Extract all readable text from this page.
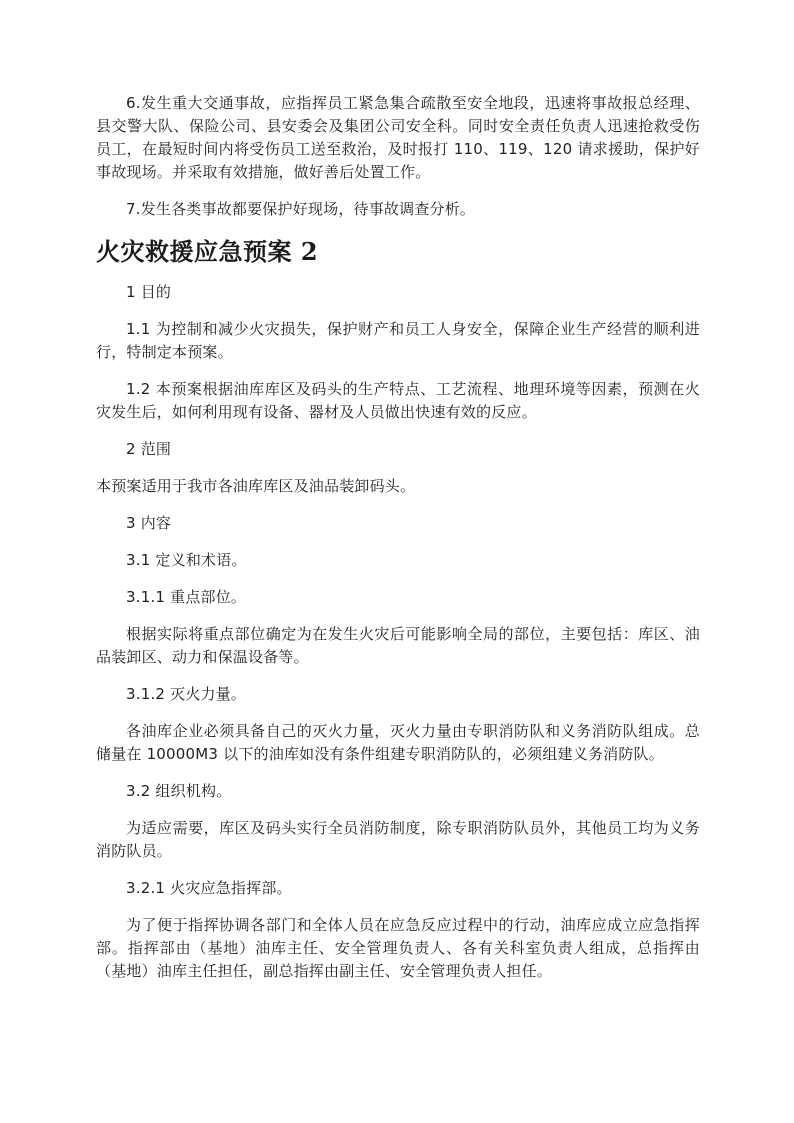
6.发生重大交通事故，应指挥员工紧急集合疏散至安全地段，迅速将事故报总经理、县交警大队、保险公司、县安委会及集团公司安全科。同时安全责任负责人迅速抢救受伤员工，在最短时间内将受伤员工送至救治，及时报打 110、119、120 请求援助，保护好事故现场。并采取有效措施，做好善后处置工作。

7.发生各类事故都要保护好现场，待事故调查分析。

火灾救援应急预案 2

1 目的

1.1 为控制和减少火灾损失，保护财产和员工人身安全，保障企业生产经营的顺利进行，特制定本预案。

1.2 本预案根据油库库区及码头的生产特点、工艺流程、地理环境等因素，预测在火灾发生后，如何利用现有设备、器材及人员做出快速有效的反应。

2 范围

本预案适用于我市各油库库区及油品装卸码头。

3 内容

3.1 定义和术语。

3.1.1 重点部位。

根据实际将重点部位确定为在发生火灾后可能影响全局的部位，主要包括：库区、油品装卸区、动力和保温设备等。

3.1.2 灭火力量。

各油库企业必须具备自己的灭火力量，灭火力量由专职消防队和义务消防队组成。总储量在 10000M3 以下的油库如没有条件组建专职消防队的，必须组建义务消防队。

3.2 组织机构。

为适应需要，库区及码头实行全员消防制度，除专职消防队员外，其他员工均为义务消防队员。

3.2.1 火灾应急指挥部。

为了便于指挥协调各部门和全体人员在应急反应过程中的行动，油库应成立应急指挥部。指挥部由（基地）油库主任、安全管理负责人、各有关科室负责人组成，总指挥由（基地）油库主任担任，副总指挥由副主任、安全管理负责人担任。
